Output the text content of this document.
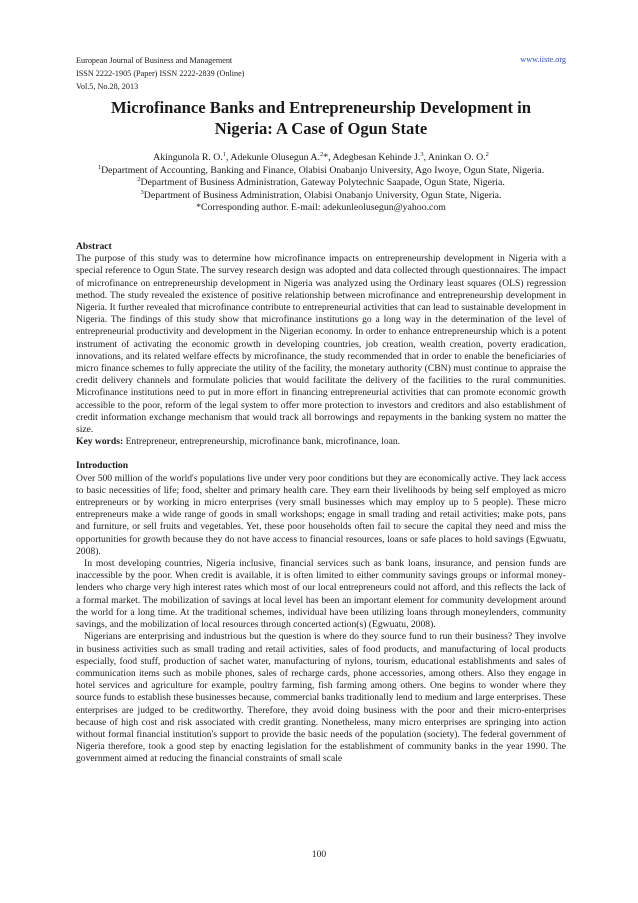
European Journal of Business and Management
ISSN 2222-1905 (Paper) ISSN 2222-2839 (Online)
Vol.5, No.28, 2013
www.iiste.org
Microfinance Banks and Entrepreneurship Development in
Nigeria: A Case of Ogun State
Akingunola R. O.$^1$, Adekunle Olusegun A.$^2$*, Adegbesan Kehinde J.$^3$, Aninkan O. O.$^2$
$^1$Department of Accounting, Banking and Finance, Olabisi Onabanjo University, Ago Iwoye, Ogun State, Nigeria.
$^2$Department of Business Administration, Gateway Polytechnic Saapade, Ogun State, Nigeria.
$^3$Department of Business Administration, Olabisi Onabanjo University, Ogun State, Nigeria.
*Corresponding author. E-mail: adekunleolusegun@yahoo.com

Abstract

The purpose of this study was to determine how microfinance impacts on entrepreneurship development in Nigeria with a special reference to Ogun State. The survey research design was adopted and data collected through questionnaires. The impact of microfinance on entrepreneurship development in Nigeria was analyzed using the Ordinary least squares (OLS) regression method. The study revealed the existence of positive relationship between microfinance and entrepreneurship development in Nigeria. It further revealed that microfinance contribute to entrepreneurial activities that can lead to sustainable development in Nigeria. The findings of this study show that microfinance institutions go a long way in the determination of the level of entrepreneurial productivity and development in the Nigerian economy. In order to enhance entrepreneurship which is a potent instrument of activating the economic growth in developing countries, job creation, wealth creation, poverty eradication, innovations, and its related welfare effects by microfinance, the study recommended that in order to enable the beneficiaries of micro finance schemes to fully appreciate the utility of the facility, the monetary authority (CBN) must continue to appraise the credit delivery channels and formulate policies that would facilitate the delivery of the facilities to the rural communities. Microfinance institutions need to put in more effort in financing entrepreneurial activities that can promote economic growth accessible to the poor, reform of the legal system to offer more protection to investors and creditors and also establishment of credit information exchange mechanism that would track all borrowings and repayments in the banking system no matter the size.

Key words: Entrepreneur, entrepreneurship, microfinance bank, microfinance, loan.

Introduction

Over 500 million of the world's populations live under very poor conditions but they are economically active. They lack access to basic necessities of life; food, shelter and primary health care. They earn their livelihoods by being self employed as micro entrepreneurs or by working in micro enterprises (very small businesses which may employ up to 5 people). These micro entrepreneurs make a wide range of goods in small workshops; engage in small trading and retail activities; make pots, pans and furniture, or sell fruits and vegetables. Yet, these poor households often fail to secure the capital they need and miss the opportunities for growth because they do not have access to financial resources, loans or safe places to hold savings (Egwuatu, 2008).

In most developing countries, Nigeria inclusive, financial services such as bank loans, insurance, and pension funds are inaccessible by the poor. When credit is available, it is often limited to either community savings groups or informal money-lenders who charge very high interest rates which most of our local entrepreneurs could not afford, and this reflects the lack of a formal market. The mobilization of savings at local level has been an important element for community development around the world for a long time. At the traditional schemes, individual have been utilizing loans through moneylenders, community savings, and the mobilization of local resources through concerted action(s) (Egwuatu, 2008).

Nigerians are enterprising and industrious but the question is where do they source fund to run their business? They involve in business activities such as small trading and retail activities, sales of food products, and manufacturing of local products especially, food stuff, production of sachet water, manufacturing of nylons, tourism, educational establishments and sales of communication items such as mobile phones, sales of recharge cards, phone accessories, among others. Also they engage in hotel services and agriculture for example, poultry farming, fish farming among others. One begins to wonder where they source funds to establish these businesses because, commercial banks traditionally lend to medium and large enterprises. These enterprises are judged to be creditworthy. Therefore, they avoid doing business with the poor and their micro-enterprises because of high cost and risk associated with credit granting. Nonetheless, many micro enterprises are springing into action without formal financial institution's support to provide the basic needs of the population (society). The federal government of Nigeria therefore, took a good step by enacting legislation for the establishment of community banks in the year 1990. The government aimed at reducing the financial constraints of small scale

100
